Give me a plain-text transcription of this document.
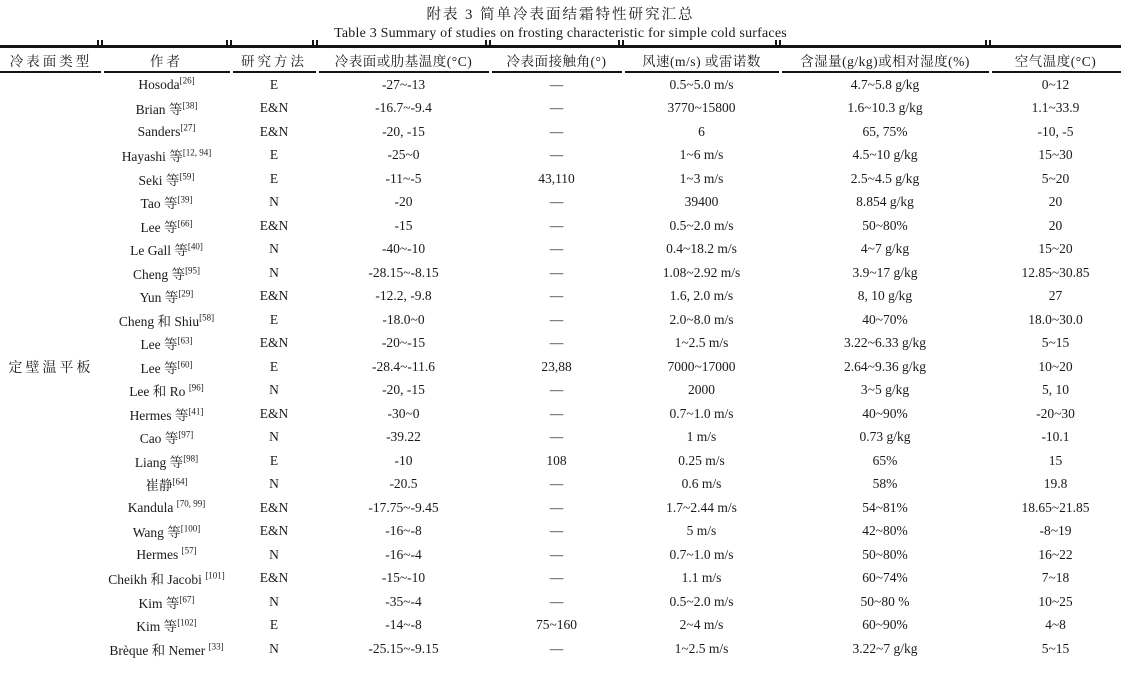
附表 3 简单冷表面结霜特性研究汇总
Table 3 Summary of studies on frosting characteristic for simple cold surfaces
冷表面类型	作者	研究方法	冷表面或肋基温度(°C)	冷表面接触角(°)	风速(m/s) 或雷诺数	含湿量(g/kg)或相对湿度(%)	空气温度(°C)
定壁温平板	Hosoda[26]	E	-27~-13	—	0.5~5.0 m/s	4.7~5.8 g/kg	0~12
	Brian 等[38]	E&N	-16.7~-9.4	—	3770~15800	1.6~10.3 g/kg	1.1~33.9
	Sanders[27]	E&N	-20, -15	—	6	65, 75%	-10, -5
	Hayashi 等[12, 94]	E	-25~0	—	1~6 m/s	4.5~10 g/kg	15~30
	Seki 等[59]	E	-11~-5	43,110	1~3 m/s	2.5~4.5 g/kg	5~20
	Tao 等[39]	N	-20	—	39400	8.854 g/kg	20
	Lee 等[66]	E&N	-15	—	0.5~2.0 m/s	50~80%	20
	Le Gall 等[40]	N	-40~-10	—	0.4~18.2 m/s	4~7 g/kg	15~20
	Cheng 等[95]	N	-28.15~-8.15	—	1.08~2.92 m/s	3.9~17 g/kg	12.85~30.85
	Yun 等[29]	E&N	-12.2, -9.8	—	1.6, 2.0 m/s	8, 10 g/kg	27
	Cheng 和 Shiu[58]	E	-18.0~0	—	2.0~8.0 m/s	40~70%	18.0~30.0
	Lee 等[63]	E&N	-20~-15	—	1~2.5 m/s	3.22~6.33 g/kg	5~15
	Lee 等[60]	E	-28.4~-11.6	23,88	7000~17000	2.64~9.36 g/kg	10~20
	Lee 和 Ro [96]	N	-20, -15	—	2000	3~5 g/kg	5, 10
	Hermes 等[41]	E&N	-30~0	—	0.7~1.0 m/s	40~90%	-20~30
	Cao 等[97]	N	-39.22	—	1 m/s	0.73 g/kg	-10.1
	Liang 等[98]	E	-10	108	0.25 m/s	65%	15
	崔静[64]	N	-20.5	—	0.6 m/s	58%	19.8
	Kandula [70, 99]	E&N	-17.75~-9.45	—	1.7~2.44 m/s	54~81%	18.65~21.85
	Wang 等[100]	E&N	-16~-8	—	5 m/s	42~80%	-8~19
	Hermes [57]	N	-16~-4	—	0.7~1.0 m/s	50~80%	16~22
	Cheikh 和 Jacobi [101]	E&N	-15~-10	—	1.1 m/s	60~74%	7~18
	Kim 等[67]	N	-35~-4	—	0.5~2.0 m/s	50~80 %	10~25
	Kim 等[102]	E	-14~-8	75~160	2~4 m/s	60~90%	4~8
	Brèque 和 Nemer [33]	N	-25.15~-9.15	—	1~2.5 m/s	3.22~7 g/kg	5~15
